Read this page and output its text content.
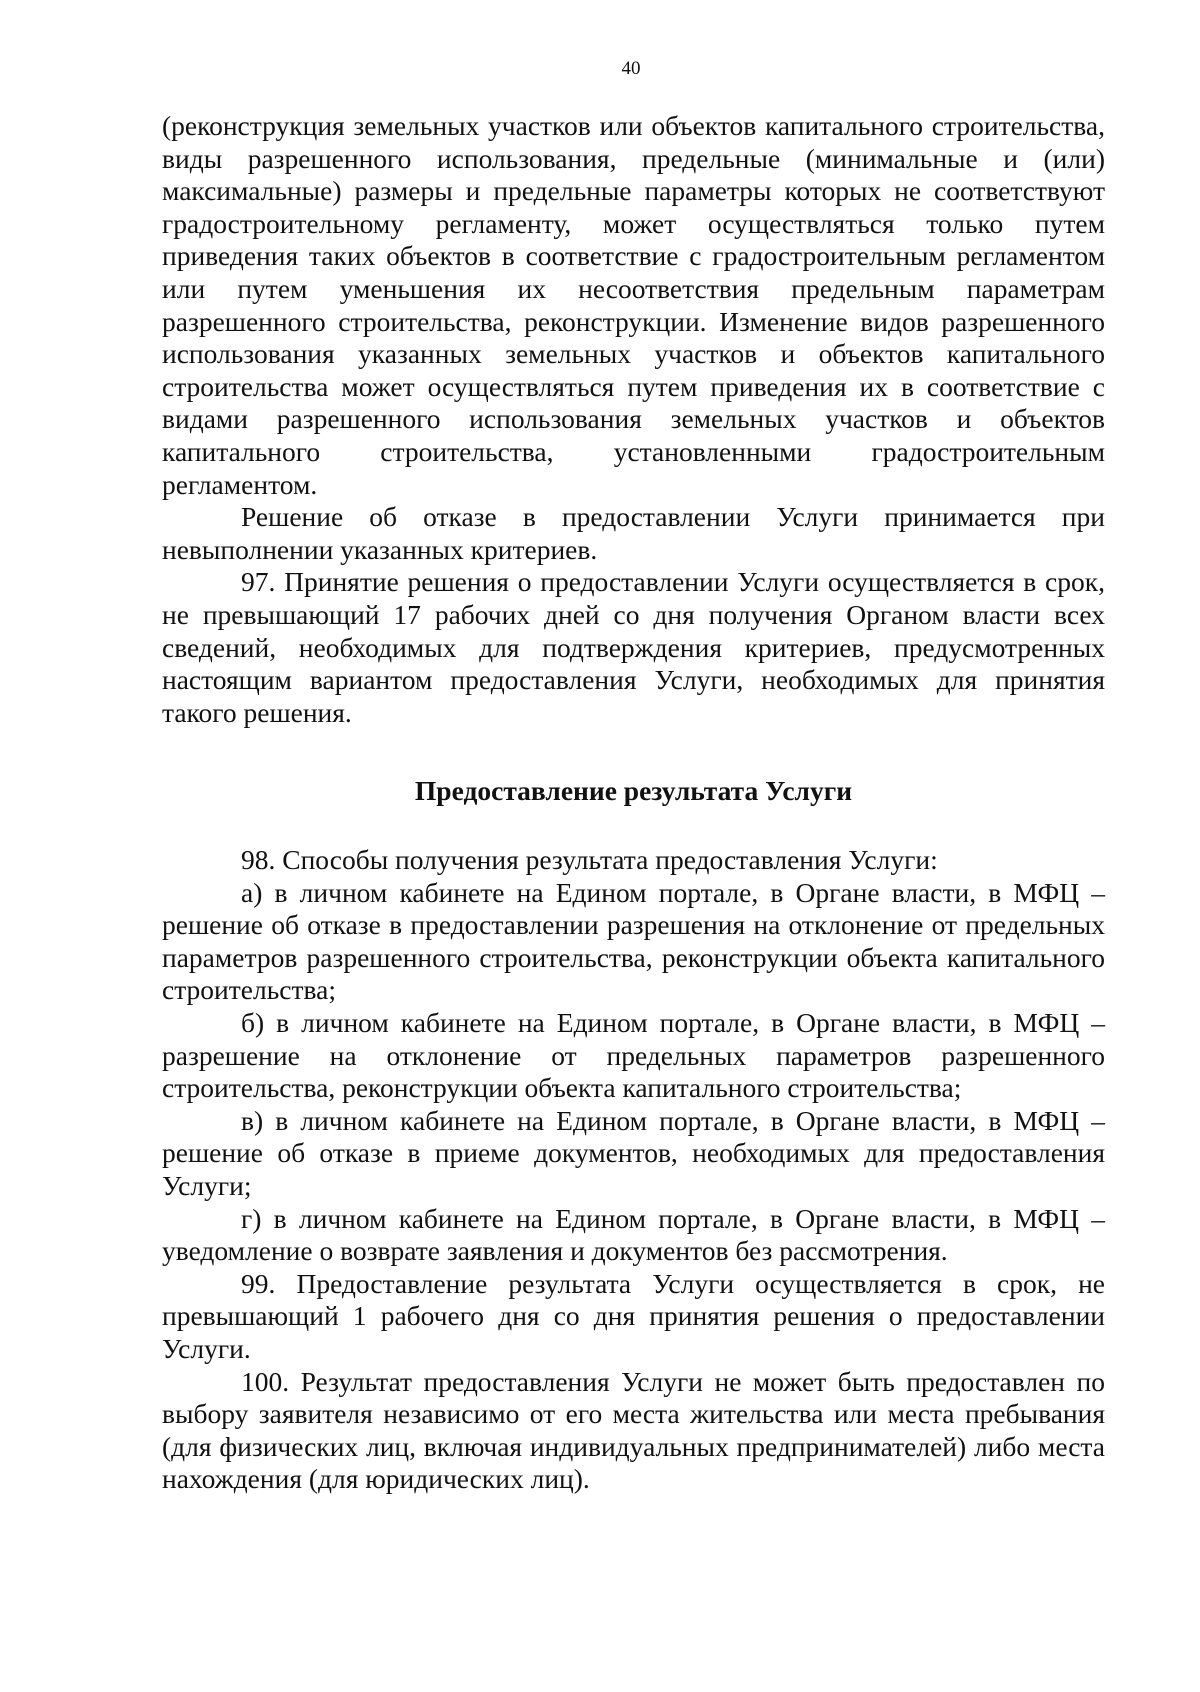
40

(реконструкция земельных участков или объектов капитального строительства, виды разрешенного использования, предельные (минимальные и (или) максимальные) размеры и предельные параметры которых не соответствуют градостроительному регламенту, может осуществляться только путем приведения таких объектов в соответствие с градостроительным регламентом или путем уменьшения их несоответствия предельным параметрам разрешенного строительства, реконструкции. Изменение видов разрешенного использования указанных земельных участков и объектов капитального строительства может осуществляться путем приведения их в соответствие с видами разрешенного использования земельных участков и объектов капитального строительства, установленными градостроительным регламентом.

Решение об отказе в предоставлении Услуги принимается при невыполнении указанных критериев.

97. Принятие решения о предоставлении Услуги осуществляется в срок, не превышающий 17 рабочих дней со дня получения Органом власти всех сведений, необходимых для подтверждения критериев, предусмотренных настоящим вариантом предоставления Услуги, необходимых для принятия такого решения.

Предоставление результата Услуги

98. Способы получения результата предоставления Услуги:

а) в личном кабинете на Едином портале, в Органе власти, в МФЦ – решение об отказе в предоставлении разрешения на отклонение от предельных параметров разрешенного строительства, реконструкции объекта капитального строительства;

б) в личном кабинете на Едином портале, в Органе власти, в МФЦ – разрешение на отклонение от предельных параметров разрешенного строительства, реконструкции объекта капитального строительства;

в) в личном кабинете на Едином портале, в Органе власти, в МФЦ – решение об отказе в приеме документов, необходимых для предоставления Услуги;

г) в личном кабинете на Едином портале, в Органе власти, в МФЦ – уведомление о возврате заявления и документов без рассмотрения.

99. Предоставление результата Услуги осуществляется в срок, не превышающий 1 рабочего дня со дня принятия решения о предоставлении Услуги.

100. Результат предоставления Услуги не может быть предоставлен по выбору заявителя независимо от его места жительства или места пребывания (для физических лиц, включая индивидуальных предпринимателей) либо места нахождения (для юридических лиц).
